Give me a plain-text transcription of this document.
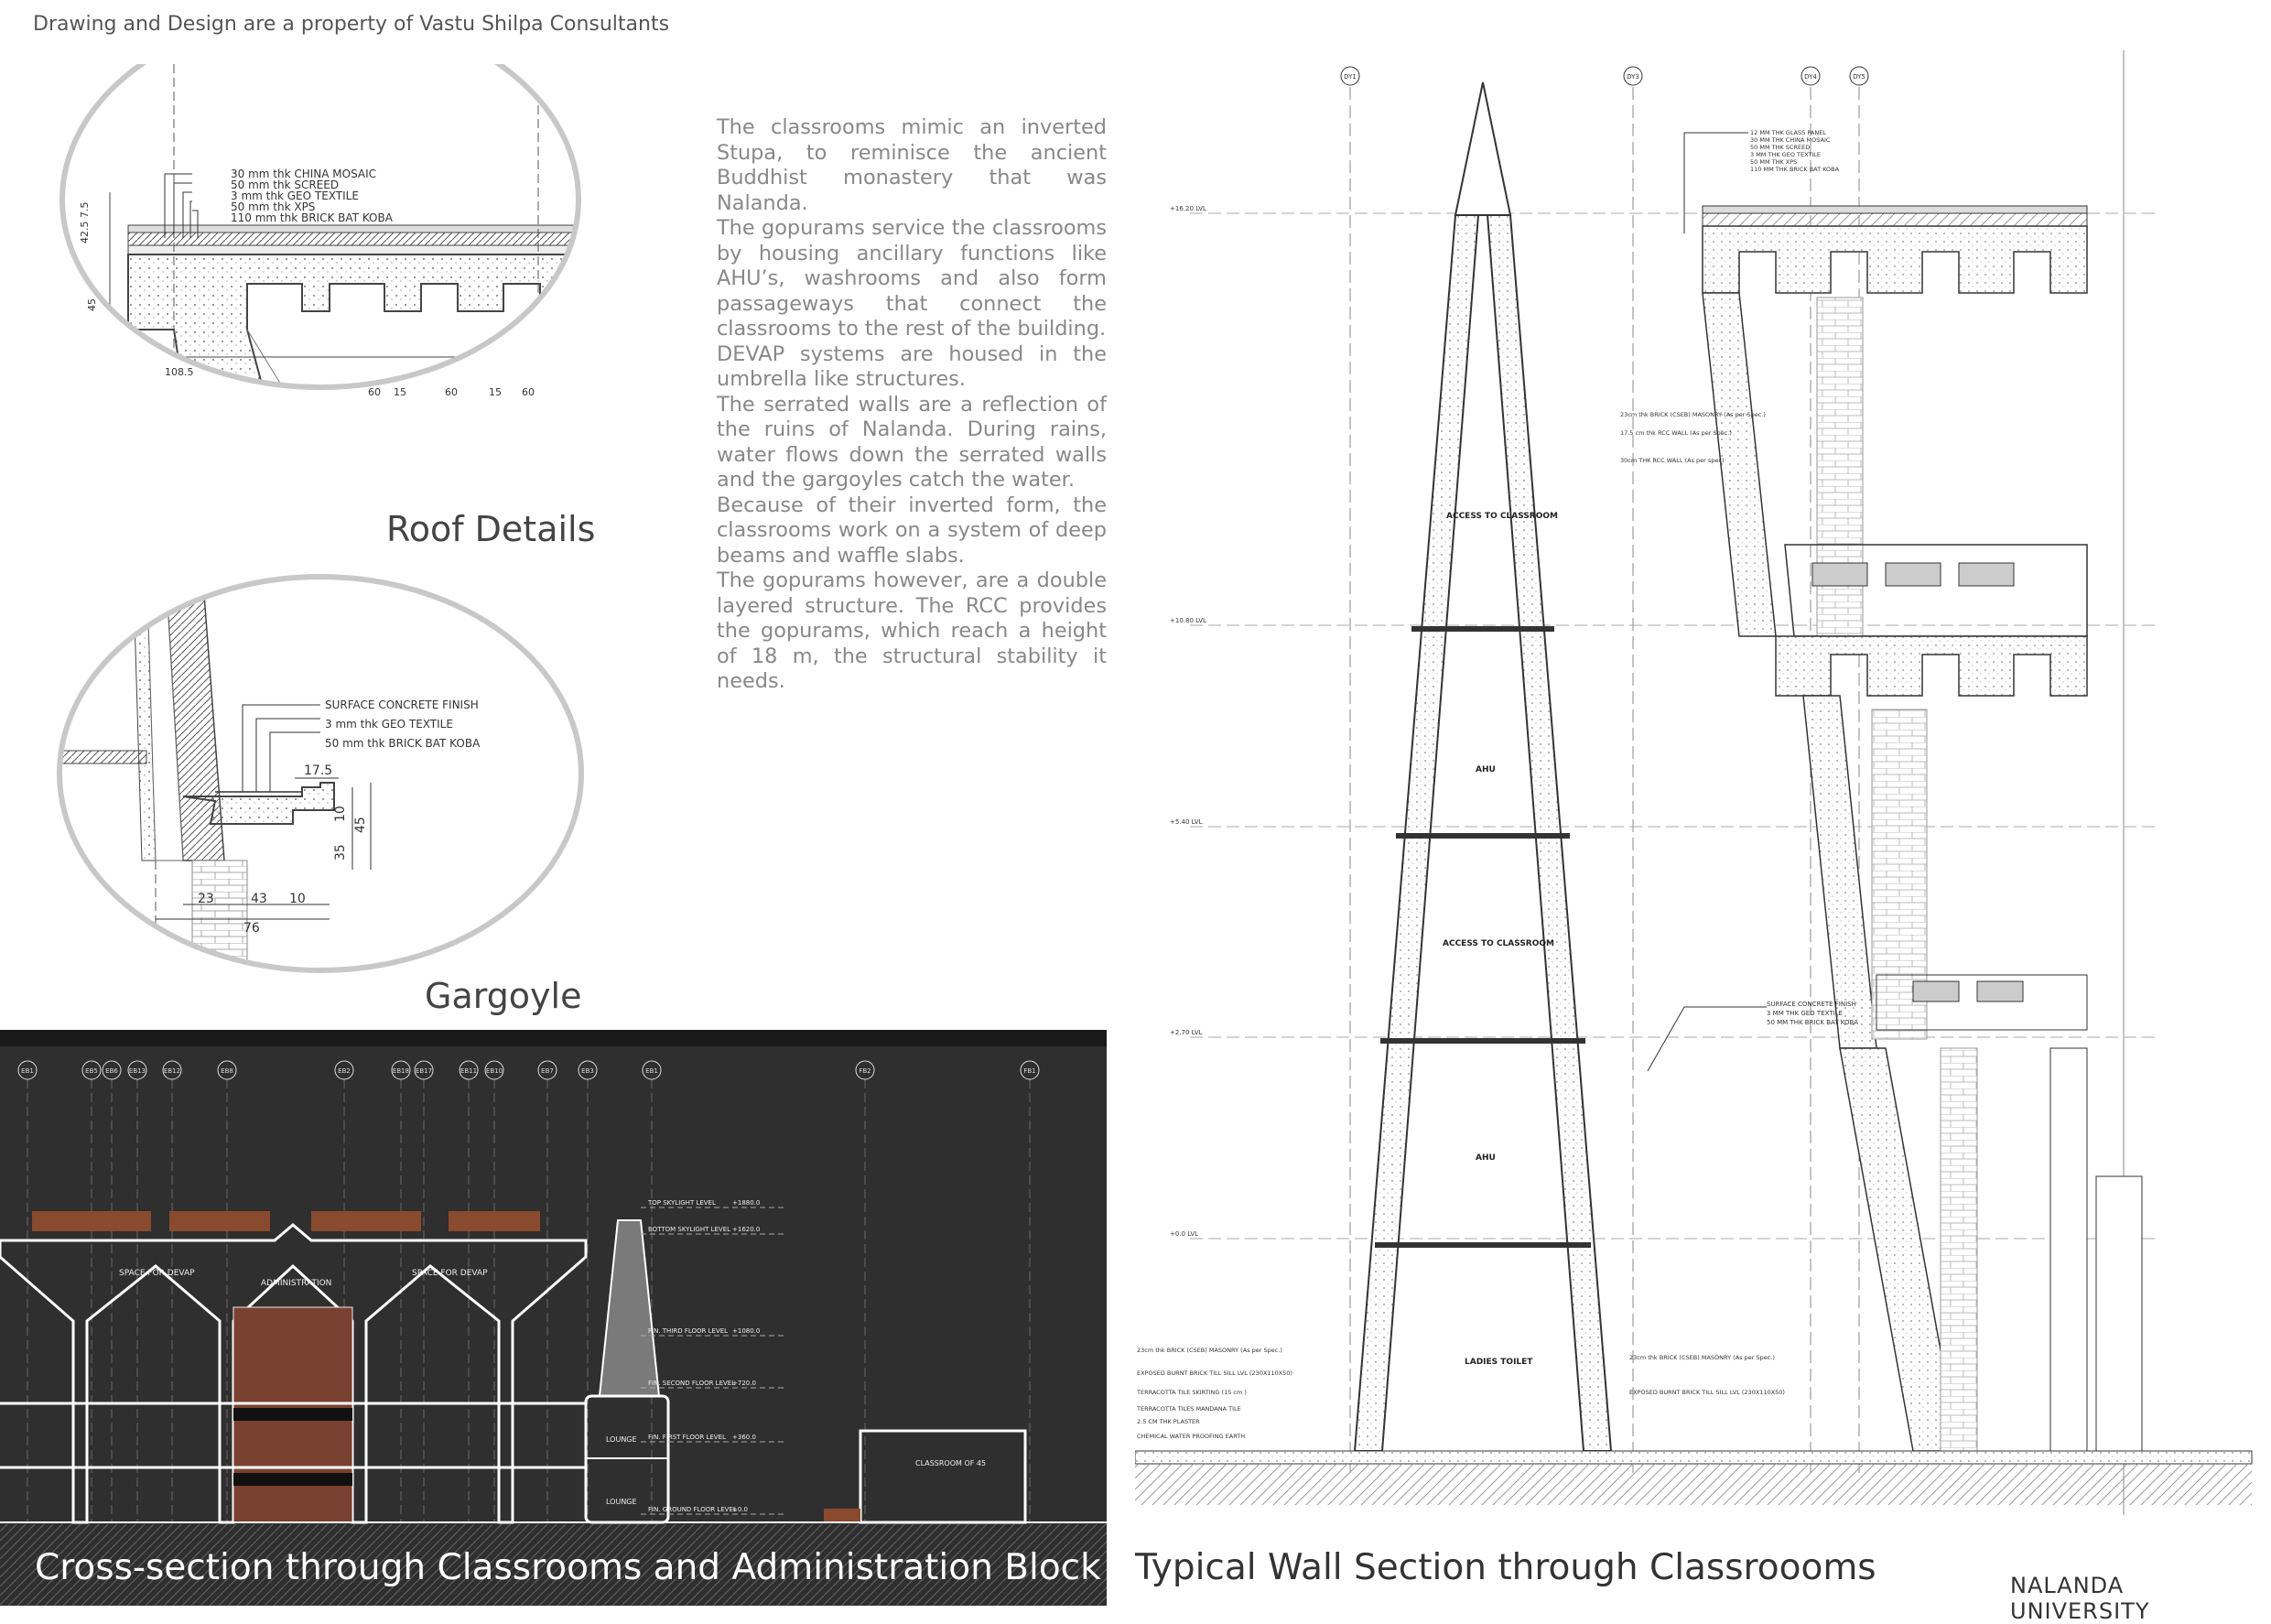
Drawing and Design are a property of Vastu Shilpa Consultants
30 mm thk CHINA MOSAIC
50 mm thk SCREED
3 mm thk GEO TEXTILE
50 mm thk XPS
110 mm thk BRICK BAT KOBA
42.5
7.5
45
108.5
60 15	60	15 60
Roof Details
SURFACE CONCRETE FINISH
3 mm thk GEO TEXTILE
50 mm thk BRICK BAT KOBA
17.5
35
10
45
23	43 10
76
Gargoyle

The classrooms mimic an inverted Stupa, to reminisce the ancient Buddhist monastery that was Nalanda.

The gopurams service the classrooms by housing ancillary functions like AHU’s, washrooms and also form passageways that connect the classrooms to the rest of the building.

DEVAP systems are housed in the umbrella like structures.

The serrated walls are a reflection of the ruins of Nalanda. During rains, water flows down the serrated walls and the gargoyles catch the water.

Because of their inverted form, the classrooms work on a system of deep beams and waffle slabs.

The gopurams however, are a double layered structure. The RCC provides the gopurams, which reach a height of 18 m, the structural stability it needs.

EB1	EB5 EB6 EB13	EB12	EB8	EB2	EB18 EB17	EB11 EB10	EB7	EB3	EB1	FB2	FB1
TOP SKYLIGHT LEVEL	+1880.0
BOTTOM SKYLIGHT LEVEL +1620.0
FIN. THIRD FLOOR LEVEL +1080.0
FIN. SECOND FLOOR LEVEL
+720.0
FIN. FIRST FLOOR LEVEL +360.0
FIN. GROUND FLOOR LEVEL
+0.0
SPACE FOR DEVAP	SPACE FOR DEVAP
ADMINISTRATION
LOUNGE
LOUNGE
CLASSROOM OF 45
Cross-section through Classrooms and Administration Block
DY1	DY3	DY4	DY5
+16.20 LVL
+10.80 LVL
+5.40 LVL
+2.70 LVL
+0.0 LVL
ACCESS TO CLASSROOM
AHU
ACCESS TO CLASSROOM
AHU
LADIES TOILET
SURFACE CONCRETE FINISH
3 MM THK GEO TEXTILE
50 MM THK BRICK BAT KOBA
12 MM THK GLASS PANEL
30 MM THK CHINA MOSAIC
50 MM THK SCREED
3 MM THK GEO TEXTILE
50 MM THK XPS
110 MM THK BRICK BAT KOBA
23cm thk BRICK (CSEB) MASONRY (As per Spec.)
17.5 cm thk RCC WALL (As per Spec.)
30cm THK RCC WALL (As per spec)
23cm thk BRICK (CSEB) MASONRY (As per Spec.)
EXPOSED BURNT BRICK TILL SILL LVL (230X110X50)
TERRACOTTA TILE SKIRTING (15 cm )
TERRACOTTA TILES MANDANA TILE
2.5 CM THK PLASTER
CHEMICAL WATER PROOFING EARTH
23cm thk BRICK (CSEB) MASONRY (As per Spec.)
EXPOSED BURNT BRICK TILL SILL LVL (230X110X50)
Typical Wall Section through Classroooms	NALANDA UNIVERSITY
